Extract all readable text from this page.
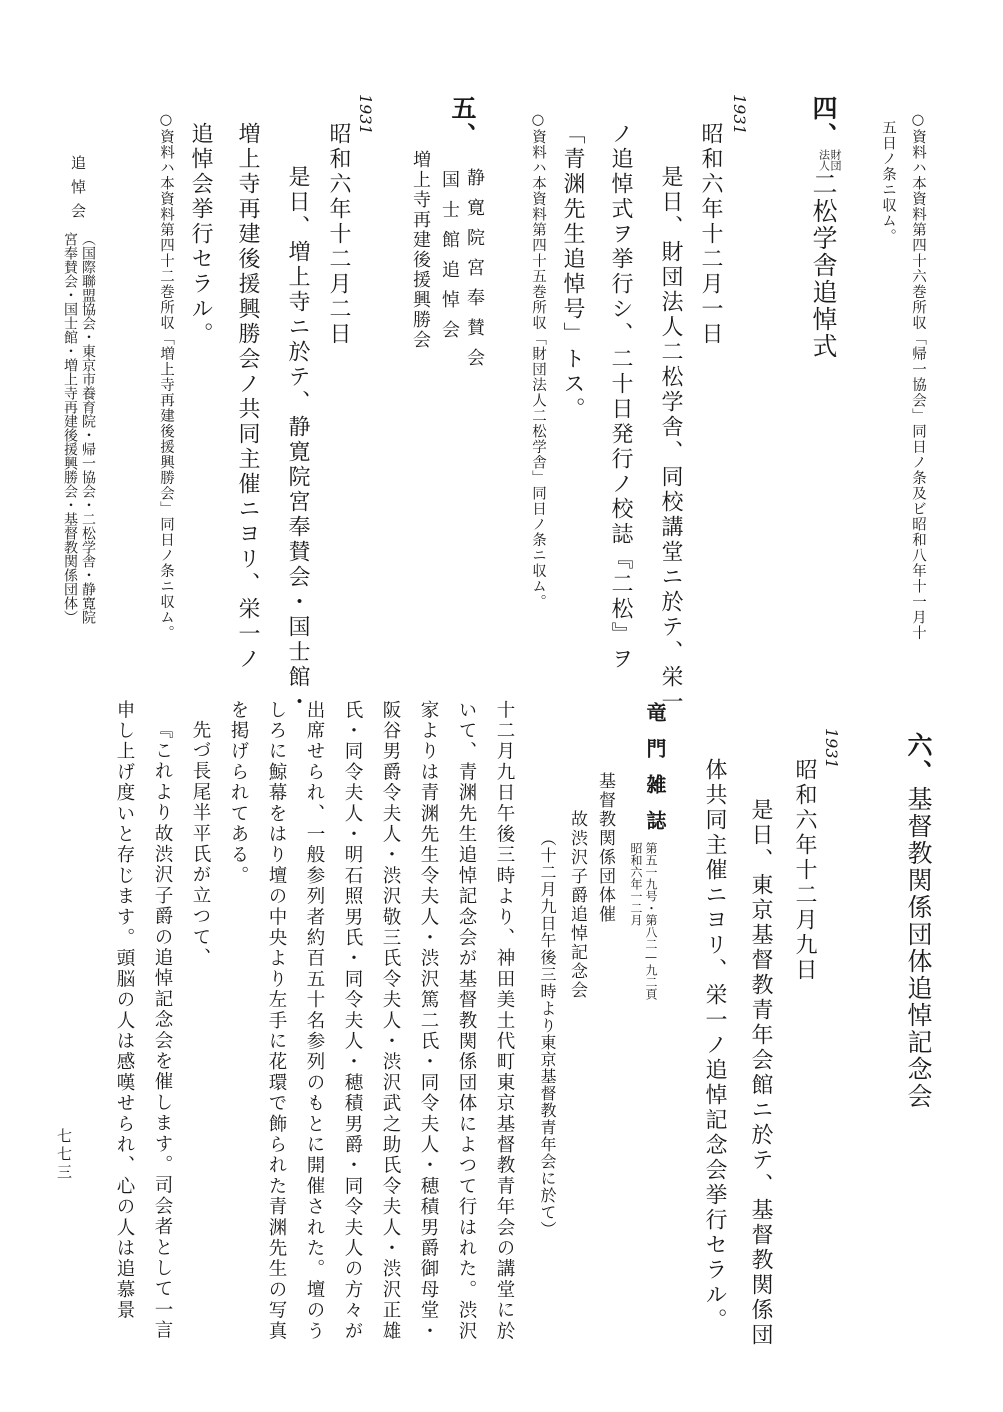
○資料ハ本資料第四十六巻所収「帰一協会」同日ノ条及ビ昭和八年十一月十
五日ノ条ニ収ム。
四、財団
法人二松学舎追悼式
1931
昭和六年十二月一日
是日、財団法人二松学舎、同校講堂ニ於テ、栄一
ノ追悼式ヲ挙行シ、二十日発行ノ校誌『二松』ヲ
「青渊先生追悼号」トス。
○資料ハ本資料第四十五巻所収「財団法人二松学舎」同日ノ条ニ収ム。
五、
静寛院宮奉賛会
国士館追悼会
増上寺再建後援興勝会
1931
昭和六年十二月二日
是日、増上寺ニ於テ、静寛院宮奉賛会・国士館・
増上寺再建後援興勝会ノ共同主催ニヨリ、栄一ノ
追悼会挙行セラル。
○資料ハ本資料第四十二巻所収「増上寺再建後援興勝会」同日ノ条ニ収ム。
追悼会
（国際聯盟協会・東京市養育院・帰一協会・二松学舎・静寛院
宮奉賛会・国士館・増上寺再建後援興勝会・基督教関係団体）
六、基督教関係団体追悼記念会
1931
昭和六年十二月九日
是日、東京基督教青年会館ニ於テ、基督教関係団
体共同主催ニヨリ、栄一ノ追悼記念会挙行セラル。
竜門雑誌
第五一九号・第八二—九二頁
昭和六年一二月
基督教関係団体催
故渋沢子爵追悼記念会
（十二月九日午後三時より東京基督教青年会に於て）
十二月九日午後三時より、神田美土代町東京基督教青年会の講堂に於
いて、青渊先生追悼記念会が基督教関係団体によつて行はれた。渋沢
家よりは青渊先生令夫人・渋沢篤二氏・同令夫人・穂積男爵御母堂・
阪谷男爵令夫人・渋沢敬三氏令夫人・渋沢武之助氏令夫人・渋沢正雄
氏・同令夫人・明石照男氏・同令夫人・穂積男爵・同令夫人の方々が
出席せられ、一般参列者約百五十名参列のもとに開催された。壇のう
しろに鯨幕をはり壇の中央より左手に花環で飾られた青渊先生の写真
を掲げられてある。
先づ長尾半平氏が立つて、
『これより故渋沢子爵の追悼記念会を催します。司会者として一言
申し上げ度いと存じます。頭脳の人は感嘆せられ、心の人は追慕景
七七三
